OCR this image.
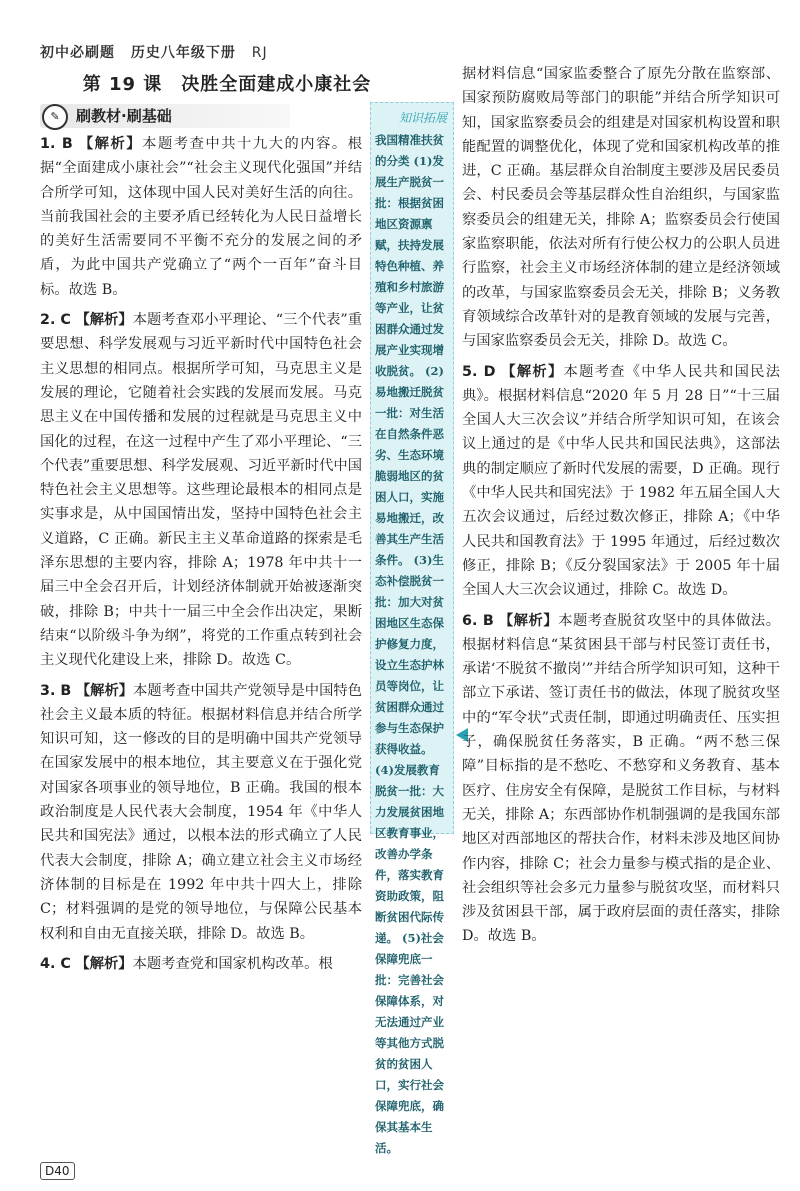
初中必刷题 历史八年级下册 RJ
第 19 课　决胜全面建成小康社会
✎	刷教材·刷基础

1. B 【解析】本题考查中共十九大的内容。根据“全面建成小康社会”“社会主义现代化强国”并结合所学可知，这体现中国人民对美好生活的向往。当前我国社会的主要矛盾已经转化为人民日益增长的美好生活需要同不平衡不充分的发展之间的矛盾，为此中国共产党确立了“两个一百年”奋斗目标。故选 B。

2. C 【解析】本题考查邓小平理论、“三个代表”重要思想、科学发展观与习近平新时代中国特色社会主义思想的相同点。根据所学可知，马克思主义是发展的理论，它随着社会实践的发展而发展。马克思主义在中国传播和发展的过程就是马克思主义中国化的过程，在这一过程中产生了邓小平理论、“三个代表”重要思想、科学发展观、习近平新时代中国特色社会主义思想等。这些理论最根本的相同点是实事求是，从中国国情出发，坚持中国特色社会主义道路，C 正确。新民主主义革命道路的探索是毛泽东思想的主要内容，排除 A；1978 年中共十一届三中全会召开后，计划经济体制就开始被逐渐突破，排除 B；中共十一届三中全会作出决定，果断结束“以阶级斗争为纲”，将党的工作重点转到社会主义现代化建设上来，排除 D。故选 C。

3. B 【解析】本题考查中国共产党领导是中国特色社会主义最本质的特征。根据材料信息并结合所学知识可知，这一修改的目的是明确中国共产党领导在国家发展中的根本地位，其主要意义在于强化党对国家各项事业的领导地位，B 正确。我国的根本政治制度是人民代表大会制度，1954 年《中华人民共和国宪法》通过，以根本法的形式确立了人民代表大会制度，排除 A；确立建立社会主义市场经济体制的目标是在 1992 年中共十四大上，排除 C；材料强调的是党的领导地位，与保障公民基本权利和自由无直接关联，排除 D。故选 B。

4. C 【解析】本题考查党和国家机构改革。根

知识拓展
我国精准扶贫的分类 (1)发展生产脱贫一批：根据贫困地区资源禀赋，扶持发展特色种植、养殖和乡村旅游等产业，让贫困群众通过发展产业实现增收脱贫。 (2)易地搬迁脱贫一批：对生活在自然条件恶劣、生态环境脆弱地区的贫困人口，实施易地搬迁，改善其生产生活条件。 (3)生态补偿脱贫一批：加大对贫困地区生态保护修复力度，设立生态护林员等岗位，让贫困群众通过参与生态保护获得收益。 (4)发展教育脱贫一批：大力发展贫困地区教育事业，改善办学条件，落实教育资助政策，阻断贫困代际传递。 (5)社会保障兜底一批：完善社会保障体系，对无法通过产业等其他方式脱贫的贫困人口，实行社会保障兜底，确保其基本生活。

据材料信息“国家监委整合了原先分散在监察部、国家预防腐败局等部门的职能”并结合所学知识可知，国家监察委员会的组建是对国家机构设置和职能配置的调整优化，体现了党和国家机构改革的推进，C 正确。基层群众自治制度主要涉及居民委员会、村民委员会等基层群众性自治组织，与国家监察委员会的组建无关，排除 A；监察委员会行使国家监察职能，依法对所有行使公权力的公职人员进行监察，社会主义市场经济体制的建立是经济领域的改革，与国家监察委员会无关，排除 B；义务教育领域综合改革针对的是教育领域的发展与完善，与国家监察委员会无关，排除 D。故选 C。

5. D 【解析】本题考查《中华人民共和国民法典》。根据材料信息“2020 年 5 月 28 日”“十三届全国人大三次会议”并结合所学知识可知，在该会议上通过的是《中华人民共和国民法典》，这部法典的制定顺应了新时代发展的需要，D 正确。现行《中华人民共和国宪法》于 1982 年五届全国人大五次会议通过，后经过数次修正，排除 A；《中华人民共和国教育法》于 1995 年通过，后经过数次修正，排除 B；《反分裂国家法》于 2005 年十届全国人大三次会议通过，排除 C。故选 D。

6. B 【解析】本题考查脱贫攻坚中的具体做法。根据材料信息“某贫困县干部与村民签订责任书，承诺‘不脱贫不撤岗’”并结合所学知识可知，这种干部立下承诺、签订责任书的做法，体现了脱贫攻坚中的“军令状”式责任制，即通过明确责任、压实担子，确保脱贫任务落实，B 正确。“两不愁三保障”目标指的是不愁吃、不愁穿和义务教育、基本医疗、住房安全有保障，是脱贫工作目标，与材料无关，排除 A；东西部协作机制强调的是我国东部地区对西部地区的帮扶合作，材料未涉及地区间协作内容，排除 C；社会力量参与模式指的是企业、社会组织等社会多元力量参与脱贫攻坚，而材料只涉及贫困县干部，属于政府层面的责任落实，排除 D。故选 B。

D40
